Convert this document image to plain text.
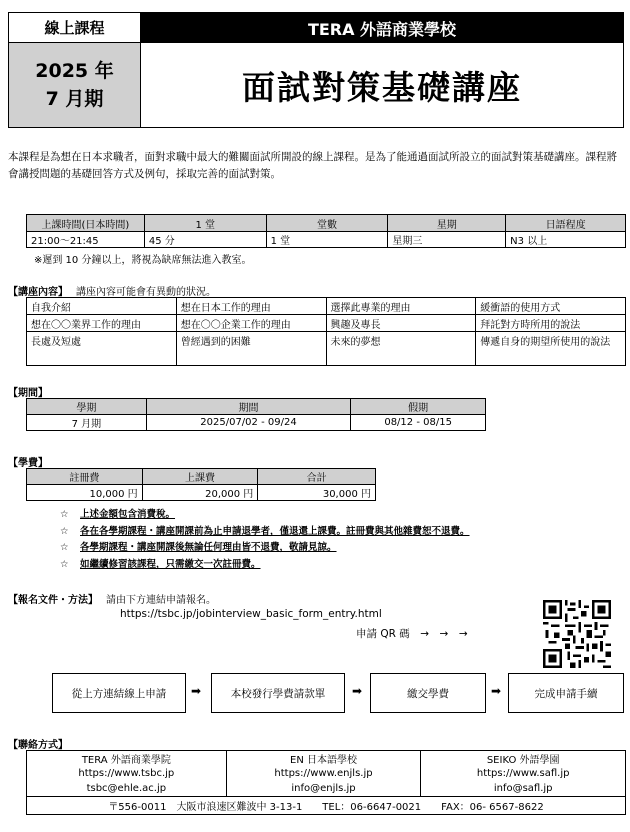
線上課程	TERA 外語商業學校
2025 年
7 月期	面試對策基礎講座
本課程是為想在日本求職者，面對求職中最大的難關面試所開設的線上課程。是為了能通過面試所設立的面試對策基礎講座。課程將會講授問題的基礎回答方式及例句，採取完善的面試對策。
上課時間(日本時間)	1 堂	堂數	星期	日語程度
21:00～21:45	45 分	1 堂	星期三	N3 以上
※遲到 10 分鐘以上，將視為缺席無法進入教室。
【講座內容】 講座內容可能會有異動的狀況。
自我介紹	想在日本工作的理由	選擇此專業的理由	緩衝語的使用方式
想在〇〇業界工作的理由	想在〇〇企業工作的理由	興趣及專長	拜託對方時所用的說法
長處及短處	曾經遇到的困難	未來的夢想	傳遞自身的期望所使用的說法
【期間】
學期	期間	假期
7 月期	2025/07/02 - 09/24	08/12 - 08/15
【學費】
註冊費	上課費	合計
10,000 円	20,000 円	30,000 円
☆ 上述金額包含消費稅。
☆ 各在各學期課程・講座開課前為止申請退學者，僅退還上課費。註冊費與其他雜費恕不退費。
☆ 各學期課程・講座開課後無論任何理由皆不退費，敬請見諒。
☆ 如繼續修習該課程，只需繳交一次註冊費。
【報名文件・方法】 請由下方連結申請報名。
https://tsbc.jp/jobinterview_basic_form_entry.html
申請 QR 碼　→　→　→
從上方連結線上申請 ➡	本校發行學費請款單 ➡	繳交學費	➡	完成申請手續
【聯絡方式】
TERA 外語商業學院	EN 日本語學校	SEIKO 外語學園
https://www.tsbc.jp	https://www.enjls.jp	https://www.safl.jp
tsbc@ehle.ac.jp	info@enjls.jp	info@safl.jp
〒556-0011　大阪市浪速区難波中 3-13-1　　TEL：06-6647-0021　　FAX：06- 6567-8622		
